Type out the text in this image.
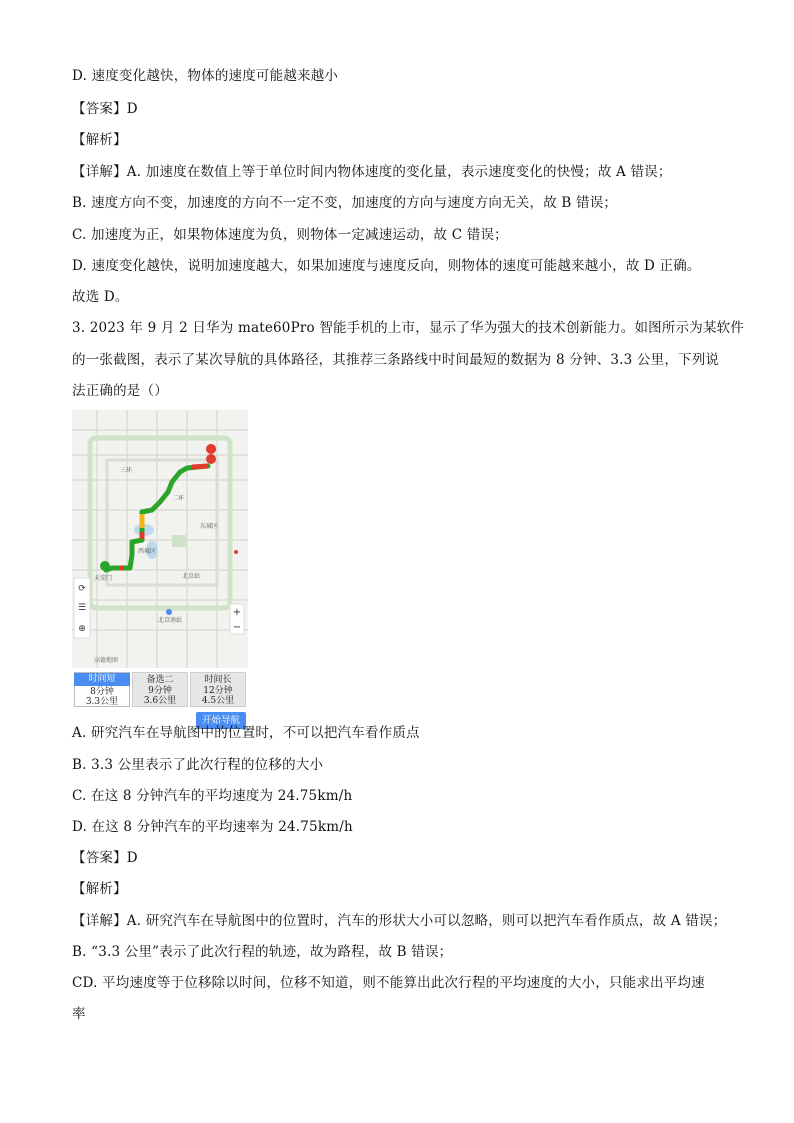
D. 速度变化越快，物体的速度可能越来越小
【答案】D
【解析】
【详解】A. 加速度在数值上等于单位时间内物体速度的变化量，表示速度变化的快慢；故 A 错误；
B. 速度方向不变，加速度的方向不一定不变，加速度的方向与速度方向无关，故 B 错误；
C. 加速度为正，如果物体速度为负，则物体一定减速运动，故 C 错误；
D. 速度变化越快，说明加速度越大，如果加速度与速度反向，则物体的速度可能越来越小，故 D 正确。
故选 D。
3. 2023 年 9 月 2 日华为 mate60Pro 智能手机的上市，显示了华为强大的技术创新能力。如图所示为某软件
的一张截图，表示了某次导航的具体路径，其推荐三条路线中时间最短的数据为 8 分钟、3.3 公里，下列说
法正确的是（）
三环
二环
东城区
西城区
北京站
北京南站
天安门
⟳
☰
⊕
+
−
高德地图
时间短
8分钟
3.3公里
备选二
9分钟
3.6公里
时间长
12分钟
4.5公里
开始导航
A. 研究汽车在导航图中的位置时，不可以把汽车看作质点
B. 3.3 公里表示了此次行程的位移的大小
C. 在这 8 分钟汽车的平均速度为 24.75km/h
D. 在这 8 分钟汽车的平均速率为 24.75km/h
【答案】D
【解析】
【详解】A. 研究汽车在导航图中的位置时，汽车的形状大小可以忽略，则可以把汽车看作质点，故 A 错误；
B. “3.3 公里”表示了此次行程的轨迹，故为路程，故 B 错误；
CD. 平均速度等于位移除以时间，位移不知道，则不能算出此次行程的平均速度的大小，只能求出平均速
率
